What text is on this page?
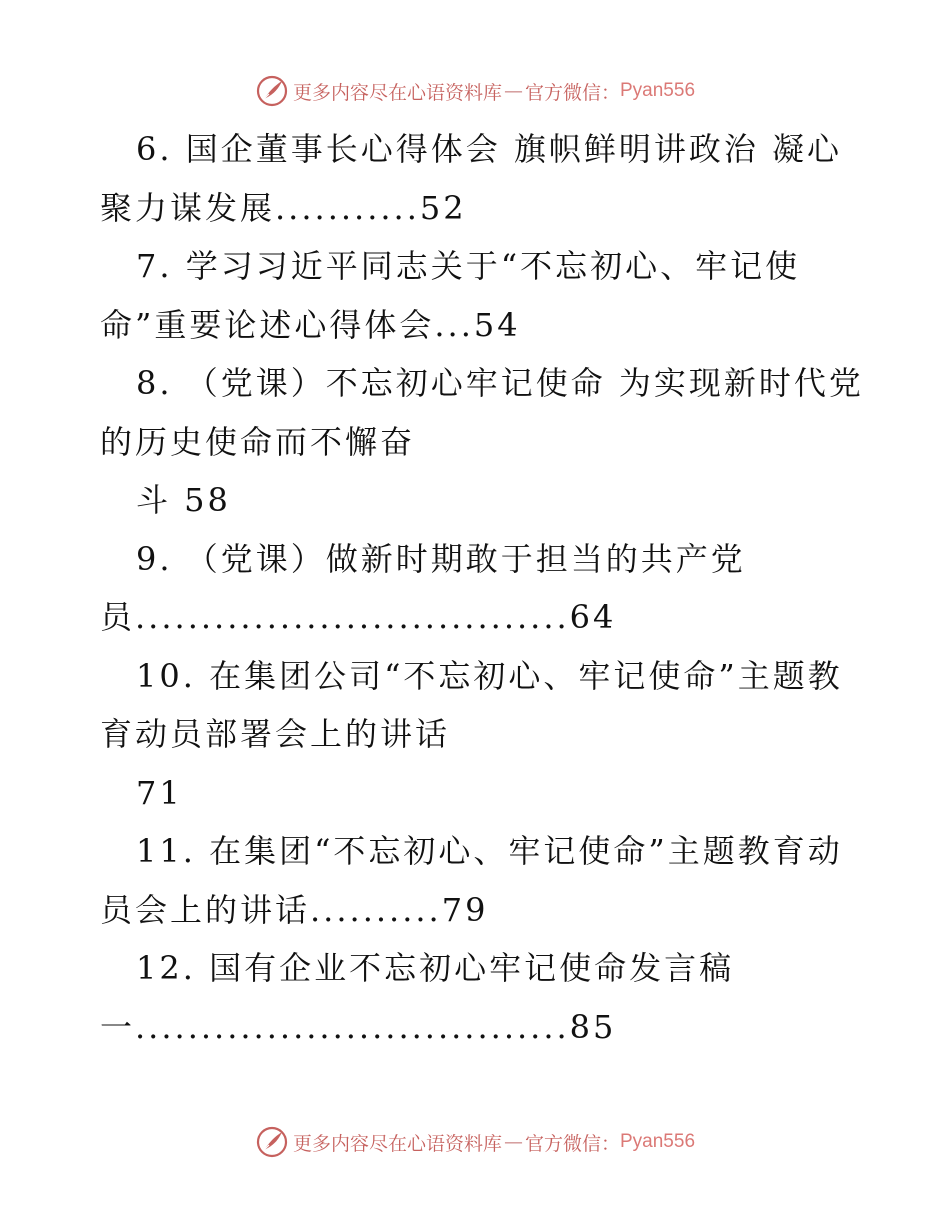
更多内容尽在心语资料库 — 官方微信： Pyan556
6. 国企董事长心得体会 旗帜鲜明讲政治 凝心
聚力谋发展...........52
7. 学习习近平同志关于“不忘初心、牢记使
命”重要论述心得体会...54
8. （党课）不忘初心牢记使命 为实现新时代党
的历史使命而不懈奋
斗 58
9. （党课）做新时期敢于担当的共产党
员.................................64
10. 在集团公司“不忘初心、牢记使命”主题教
育动员部署会上的讲话
71
11. 在集团“不忘初心、牢记使命”主题教育动
员会上的讲话..........79
12. 国有企业不忘初心牢记使命发言稿
一.................................85
更多内容尽在心语资料库 — 官方微信： Pyan556
